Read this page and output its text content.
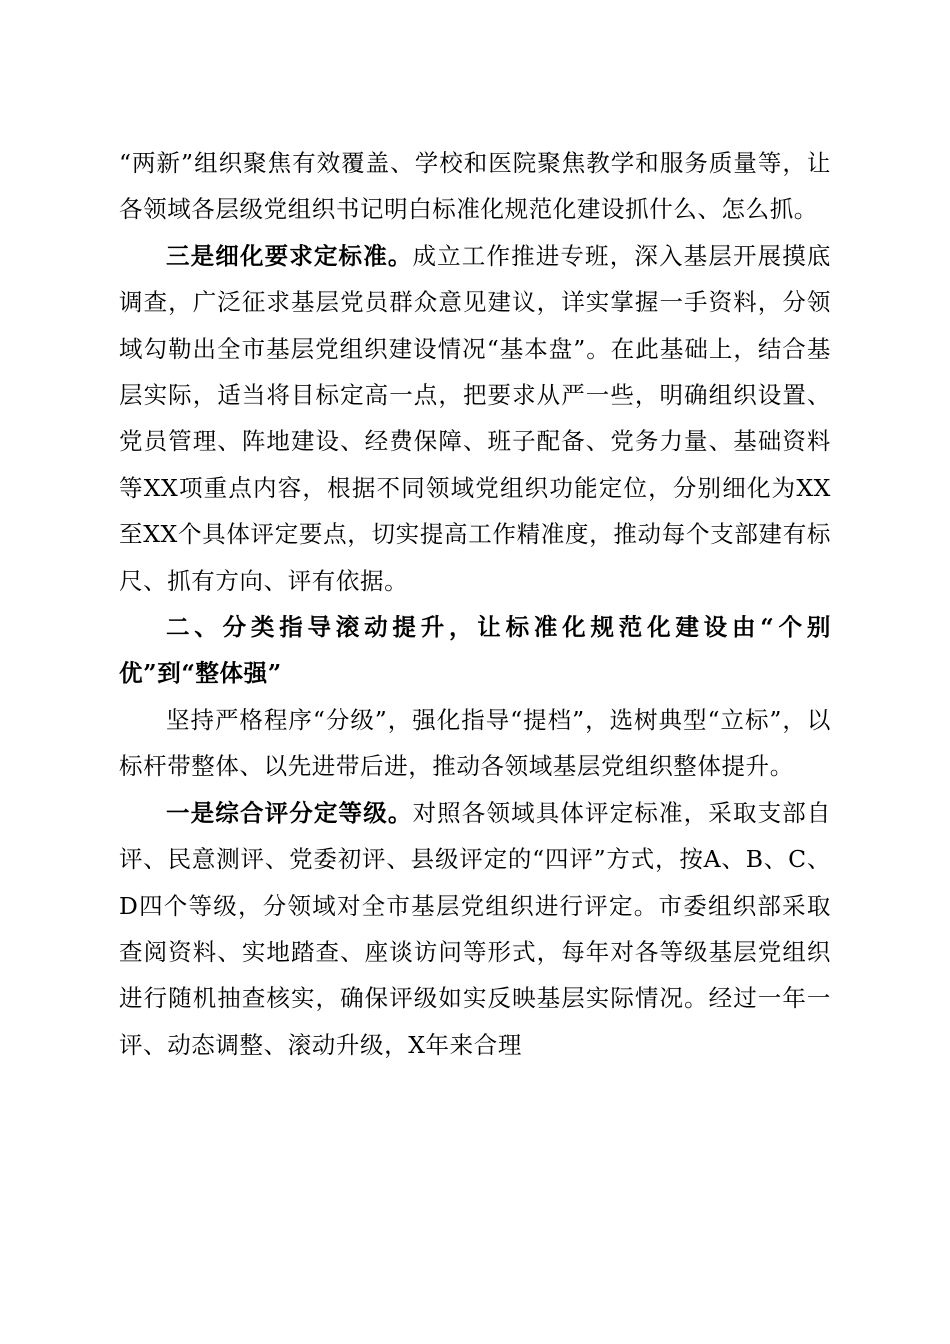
“两新”组织聚焦有效覆盖、学校和医院聚焦教学和服务质量等，让各领域各层级党组织书记明白标准化规范化建设抓什么、怎么抓。

三是细化要求定标准。成立工作推进专班，深入基层开展摸底调查，广泛征求基层党员群众意见建议，详实掌握一手资料，分领域勾勒出全市基层党组织建设情况“基本盘”。在此基础上，结合基层实际，适当将目标定高一点，把要求从严一些，明确组织设置、党员管理、阵地建设、经费保障、班子配备、党务力量、基础资料等XX项重点内容，根据不同领域党组织功能定位，分别细化为XX至XX个具体评定要点，切实提高工作精准度，推动每个支部建有标尺、抓有方向、评有依据。

二、分类指导滚动提升，让标准化规范化建设由“个别优”到“整体强”

坚持严格程序“分级”，强化指导“提档”，选树典型“立标”，以标杆带整体、以先进带后进，推动各领域基层党组织整体提升。

一是综合评分定等级。对照各领域具体评定标准，采取支部自评、民意测评、党委初评、县级评定的“四评”方式，按A、B、C、D四个等级，分领域对全市基层党组织进行评定。市委组织部采取查阅资料、实地踏查、座谈访问等形式，每年对各等级基层党组织进行随机抽查核实，确保评级如实反映基层实际情况。经过一年一评、动态调整、滚动升级，X年来合理
